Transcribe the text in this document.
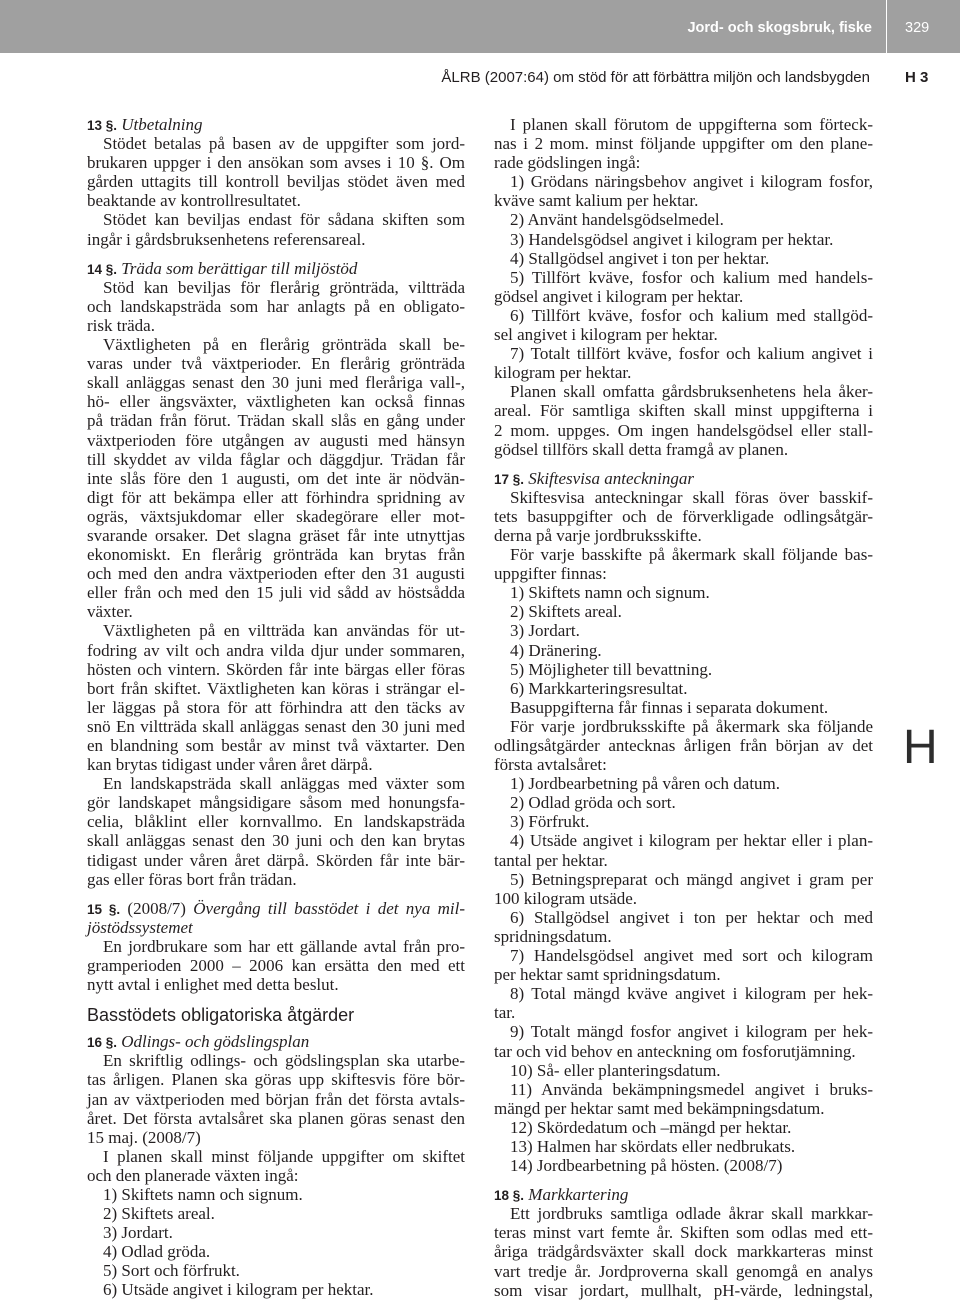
Jord- och skogsbruk, fiske 329
ÅLRB (2007:64) om stöd för att förbättra miljön och landsbygden H 3
H
13 §. Utbetalning
Stödet betalas på basen av de uppgifter som jord-
brukaren uppger i den ansökan som avses i 10 §. Om
gården uttagits till kontroll beviljas stödet även med
beaktande av kontrollresultatet.
Stödet kan beviljas endast för sådana skiften som
ingår i gårdsbruksenhetens referensareal.
14 §. Träda som berättigar till miljöstöd
Stöd kan beviljas för flerårig grönträda, viltträda
och landskapsträda som har anlagts på en obligato-
risk träda.
Växtligheten på en flerårig grönträda skall be-
varas under två växtperioder. En flerårig grönträda
skall anläggas senast den 30 juni med fleråriga vall-,
hö- eller ängsväxter, växtligheten kan också finnas
på trädan från förut. Trädan skall slås en gång under
växtperioden före utgången av augusti med hänsyn
till skyddet av vilda fåglar och däggdjur. Trädan får
inte slås före den 1 augusti, om det inte är nödvän-
digt för att bekämpa eller att förhindra spridning av
ogräs, växtsjukdomar eller skadegörare eller mot-
svarande orsaker. Det slagna gräset får inte utnyttjas
ekonomiskt. En flerårig grönträda kan brytas från
och med den andra växtperioden efter den 31 augusti
eller från och med den 15 juli vid sådd av höstsådda
växter.
Växtligheten på en viltträda kan användas för ut-
fodring av vilt och andra vilda djur under sommaren,
hösten och vintern. Skörden får inte bärgas eller föras
bort från skiftet. Växtligheten kan köras i strängar el-
ler läggas på stora för att förhindra att den täcks av
snö En viltträda skall anläggas senast den 30 juni med
en blandning som består av minst två växtarter. Den
kan brytas tidigast under våren året därpå.
En landskapsträda skall anläggas med växter som
gör landskapet mångsidigare såsom med honungsfa-
celia, blåklint eller kornvallmo. En landskapsträda
skall anläggas senast den 30 juni och den kan brytas
tidigast under våren året därpå. Skörden får inte bär-
gas eller föras bort från trädan.
15 §. (2008/7) Övergång till basstödet i det nya mil-
jöstödssystemet
En jordbrukare som har ett gällande avtal från pro-
gramperioden 2000 – 2006 kan ersätta den med ett
nytt avtal i enlighet med detta beslut.
Basstödets obligatoriska åtgärder
16 §. Odlings- och gödslingsplan
En skriftlig odlings- och gödslingsplan ska utarbe-
tas årligen. Planen ska göras upp skiftesvis före bör-
jan av växtperioden med början från det första avtals-
året. Det första avtalsåret ska planen göras senast den
15 maj. (2008/7)
I planen skall minst följande uppgifter om skiftet
och den planerade växten ingå:
1) Skiftets namn och signum.
2) Skiftets areal.
3) Jordart.
4) Odlad gröda.
5) Sort och förfrukt.
6) Utsäde angivet i kilogram per hektar.
I planen skall förutom de uppgifterna som förteck-
nas i 2 mom. minst följande uppgifter om den plane-
rade gödslingen ingå:
1) Grödans näringsbehov angivet i kilogram fosfor,
kväve samt kalium per hektar.
2) Använt handelsgödselmedel.
3) Handelsgödsel angivet i kilogram per hektar.
4) Stallgödsel angivet i ton per hektar.
5) Tillfört kväve, fosfor och kalium med handels-
gödsel angivet i kilogram per hektar.
6) Tillfört kväve, fosfor och kalium med stallgöd-
sel angivet i kilogram per hektar.
7) Totalt tillfört kväve, fosfor och kalium angivet i
kilogram per hektar.
Planen skall omfatta gårdsbruksenhetens hela åker-
areal. För samtliga skiften skall minst uppgifterna i
2 mom. uppges. Om ingen handelsgödsel eller stall-
gödsel tillförs skall detta framgå av planen.
17 §. Skiftesvisa anteckningar
Skiftesvisa anteckningar skall föras över basskif-
tets basuppgifter och de förverkligade odlingsåtgär-
derna på varje jordbruksskifte.
För varje basskifte på åkermark skall följande bas-
uppgifter finnas:
1) Skiftets namn och signum.
2) Skiftets areal.
3) Jordart.
4) Dränering.
5) Möjligheter till bevattning.
6) Markkarteringsresultat.
Basuppgifterna får finnas i separata dokument.
För varje jordbruksskifte på åkermark ska följande
odlingsåtgärder antecknas årligen från början av det
första avtalsåret:
1) Jordbearbetning på våren och datum.
2) Odlad gröda och sort.
3) Förfrukt.
4) Utsäde angivet i kilogram per hektar eller i plan-
tantal per hektar.
5) Betningspreparat och mängd angivet i gram per
100 kilogram utsäde.
6) Stallgödsel angivet i ton per hektar och med
spridningsdatum.
7) Handelsgödsel angivet med sort och kilogram
per hektar samt spridningsdatum.
8) Total mängd kväve angivet i kilogram per hek-
tar.
9) Totalt mängd fosfor angivet i kilogram per hek-
tar och vid behov en anteckning om fosforutjämning.
10) Så- eller planteringsdatum.
11) Använda bekämpningsmedel angivet i bruks-
mängd per hektar samt med bekämpningsdatum.
12) Skördedatum och –mängd per hektar.
13) Halmen har skördats eller nedbrukats.
14) Jordbearbetning på hösten. (2008/7)
18 §. Markkartering
Ett jordbruks samtliga odlade åkrar skall markkar-
teras minst vart femte år. Skiften som odlas med ett-
åriga trädgårdsväxter skall dock markkarteras minst
vart tredje år. Jordproverna skall genomgå en analys
som visar jordart, mullhalt, pH-värde, ledningstal,
